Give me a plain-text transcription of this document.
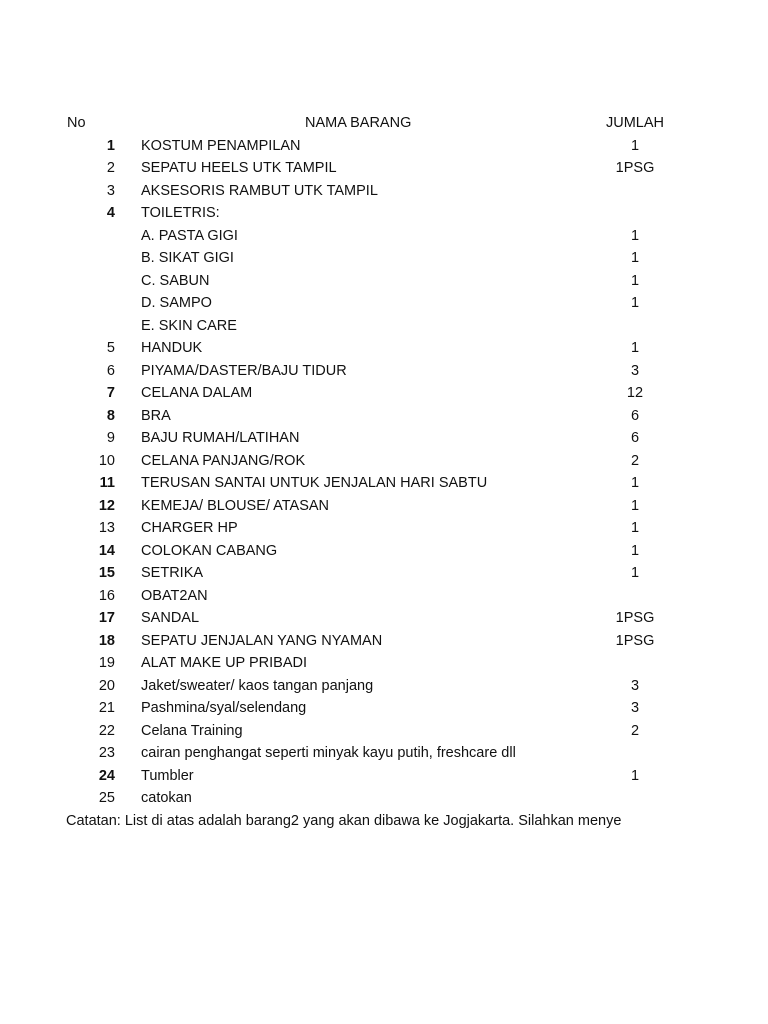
No	NAMA BARANG	JUMLAH
1 KOSTUM PENAMPILAN	1
2 SEPATU HEELS UTK TAMPIL	1PSG
3 AKSESORIS RAMBUT UTK TAMPIL
4 TOILETRIS:
A. PASTA GIGI	1
B. SIKAT GIGI	1
C. SABUN	1
D. SAMPO	1
E. SKIN CARE
5 HANDUK	1
6 PIYAMA/DASTER/BAJU TIDUR	3
7 CELANA DALAM	12
8 BRA	6
9 BAJU RUMAH/LATIHAN	6
10 CELANA PANJANG/ROK	2
11 TERUSAN SANTAI UNTUK JENJALAN HARI SABTU	1
12 KEMEJA/ BLOUSE/ ATASAN	1
13 CHARGER HP	1
14 COLOKAN CABANG	1
15 SETRIKA	1
16 OBAT2AN
17 SANDAL	1PSG
18 SEPATU JENJALAN YANG NYAMAN	1PSG
19 ALAT MAKE UP PRIBADI
20 Jaket/sweater/ kaos tangan panjang	3
21 Pashmina/syal/selendang	3
22 Celana Training	2
23 cairan penghangat seperti minyak kayu putih, freshcare dll
24 Tumbler	1
25 catokan
Catatan: List di atas adalah barang2 yang akan dibawa ke Jogjakarta. Silahkan menye
